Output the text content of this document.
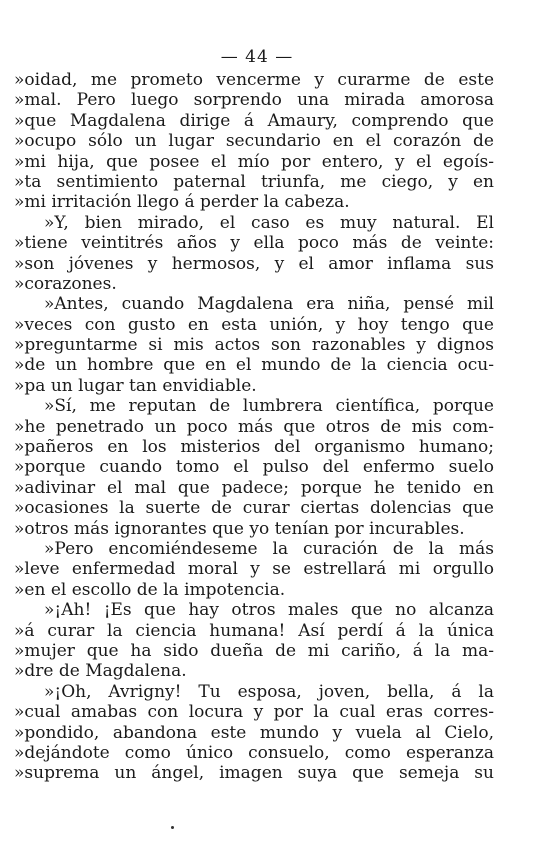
— 44 —
»oidad, me prometo vencerme y curarme de este
»mal. Pero luego sorprendo una mirada amorosa
»que Magdalena dirige á Amaury, comprendo que
»ocupo sólo un lugar secundario en el corazón de
»mi hija, que posee el mío por entero, y el egoís-
»ta sentimiento paternal triunfa, me ciego, y en
»mi irritación llego á perder la cabeza.
»Y, bien mirado, el caso es muy natural. El
»tiene veintitrés años y ella poco más de veinte:
»son jóvenes y hermosos, y el amor inflama sus
»corazones.
»Antes, cuando Magdalena era niña, pensé mil
»veces con gusto en esta unión, y hoy tengo que
»preguntarme si mis actos son razonables y dignos
»de un hombre que en el mundo de la ciencia ocu-
»pa un lugar tan envidiable.
»Sí, me reputan de lumbrera científica, porque
»he penetrado un poco más que otros de mis com-
»pañeros en los misterios del organismo humano;
»porque cuando tomo el pulso del enfermo suelo
»adivinar el mal que padece; porque he tenido en
»ocasiones la suerte de curar ciertas dolencias que
»otros más ignorantes que yo tenían por incurables.
»Pero encomiéndeseme la curación de la más
»leve enfermedad moral y se estrellará mi orgullo
»en el escollo de la impotencia.
»¡Ah! ¡Es que hay otros males que no alcanza
»á curar la ciencia humana! Así perdí á la única
»mujer que ha sido dueña de mi cariño, á la ma-
»dre de Magdalena.
»¡Oh, Avrigny! Tu esposa, joven, bella, á la
»cual amabas con locura y por la cual eras corres-
»pondido, abandona este mundo y vuela al Cielo,
»dejándote como único consuelo, como esperanza
»suprema un ángel, imagen suya que semeja su
